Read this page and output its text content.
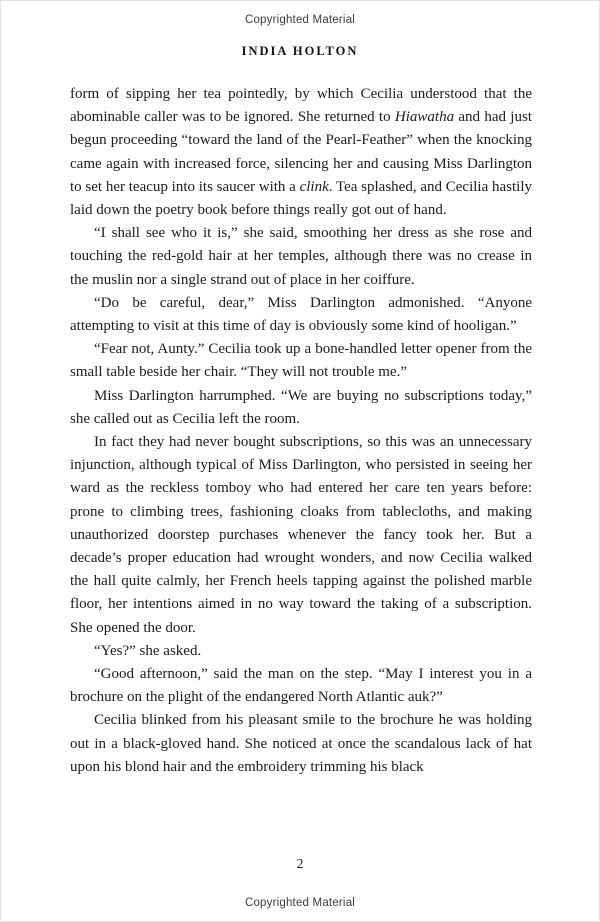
Copyrighted Material
INDIA HOLTON

form of sipping her tea pointedly, by which Cecilia understood that the abominable caller was to be ignored. She returned to Hiawatha and had just begun proceeding “toward the land of the Pearl-Feather” when the knocking came again with increased force, silencing her and causing Miss Darlington to set her teacup into its saucer with a clink. Tea splashed, and Cecilia hastily laid down the poetry book before things really got out of hand.

“I shall see who it is,” she said, smoothing her dress as she rose and touching the red-gold hair at her temples, although there was no crease in the muslin nor a single strand out of place in her coiffure.

“Do be careful, dear,” Miss Darlington admonished. “Anyone attempting to visit at this time of day is obviously some kind of hooligan.”

“Fear not, Aunty.” Cecilia took up a bone-handled letter opener from the small table beside her chair. “They will not trouble me.”

Miss Darlington harrumphed. “We are buying no subscriptions today,” she called out as Cecilia left the room.

In fact they had never bought subscriptions, so this was an unnecessary injunction, although typical of Miss Darlington, who persisted in seeing her ward as the reckless tomboy who had entered her care ten years before: prone to climbing trees, fashioning cloaks from tablecloths, and making unauthorized doorstep purchases whenever the fancy took her. But a decade’s proper education had wrought wonders, and now Cecilia walked the hall quite calmly, her French heels tapping against the polished marble floor, her intentions aimed in no way toward the taking of a subscription. She opened the door.

“Yes?” she asked.

“Good afternoon,” said the man on the step. “May I interest you in a brochure on the plight of the endangered North Atlantic auk?”

Cecilia blinked from his pleasant smile to the brochure he was holding out in a black-gloved hand. She noticed at once the scandalous lack of hat upon his blond hair and the embroidery trimming his black

2
Copyrighted Material
